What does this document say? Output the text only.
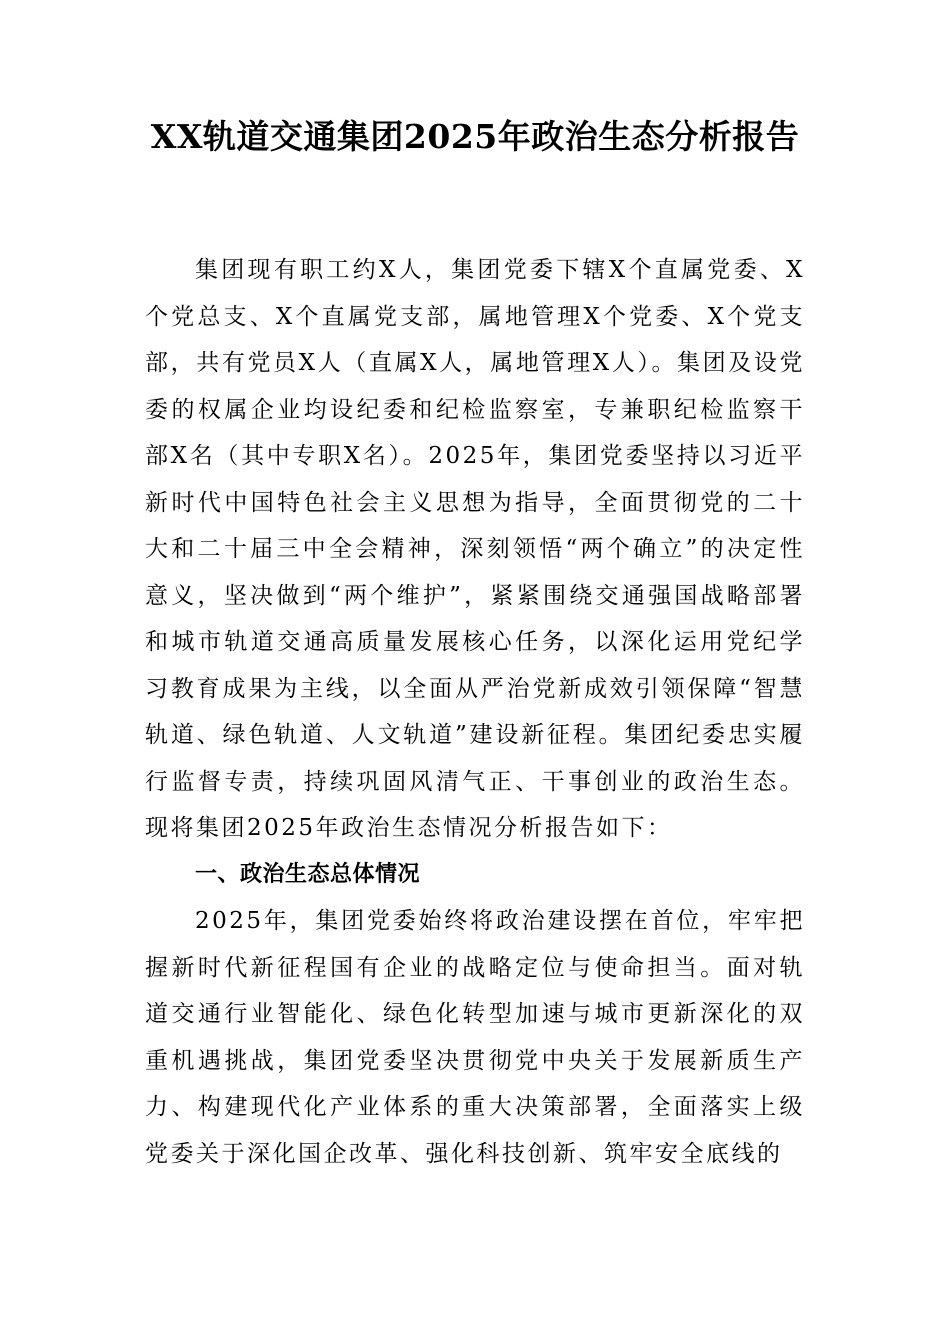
XX轨道交通集团2025年政治生态分析报告

集团现有职工约X人，集团党委下辖X个直属党委、X个党总支、X个直属党支部，属地管理X个党委、X个党支部，共有党员X人（直属X人，属地管理X人）。集团及设党委的权属企业均设纪委和纪检监察室，专兼职纪检监察干部X名（其中专职X名）。2025年，集团党委坚持以习近平新时代中国特色社会主义思想为指导，全面贯彻党的二十大和二十届三中全会精神，深刻领悟“两个确立”的决定性意义，坚决做到“两个维护”，紧紧围绕交通强国战略部署和城市轨道交通高质量发展核心任务，以深化运用党纪学习教育成果为主线，以全面从严治党新成效引领保障“智慧轨道、绿色轨道、人文轨道”建设新征程。集团纪委忠实履行监督专责，持续巩固风清气正、干事创业的政治生态。现将集团2025年政治生态情况分析报告如下：

一、政治生态总体情况

2025年，集团党委始终将政治建设摆在首位，牢牢把握新时代新征程国有企业的战略定位与使命担当。面对轨道交通行业智能化、绿色化转型加速与城市更新深化的双重机遇挑战，集团党委坚决贯彻党中央关于发展新质生产力、构建现代化产业体系的重大决策部署，全面落实上级党委关于深化国企改革、强化科技创新、筑牢安全底线的
